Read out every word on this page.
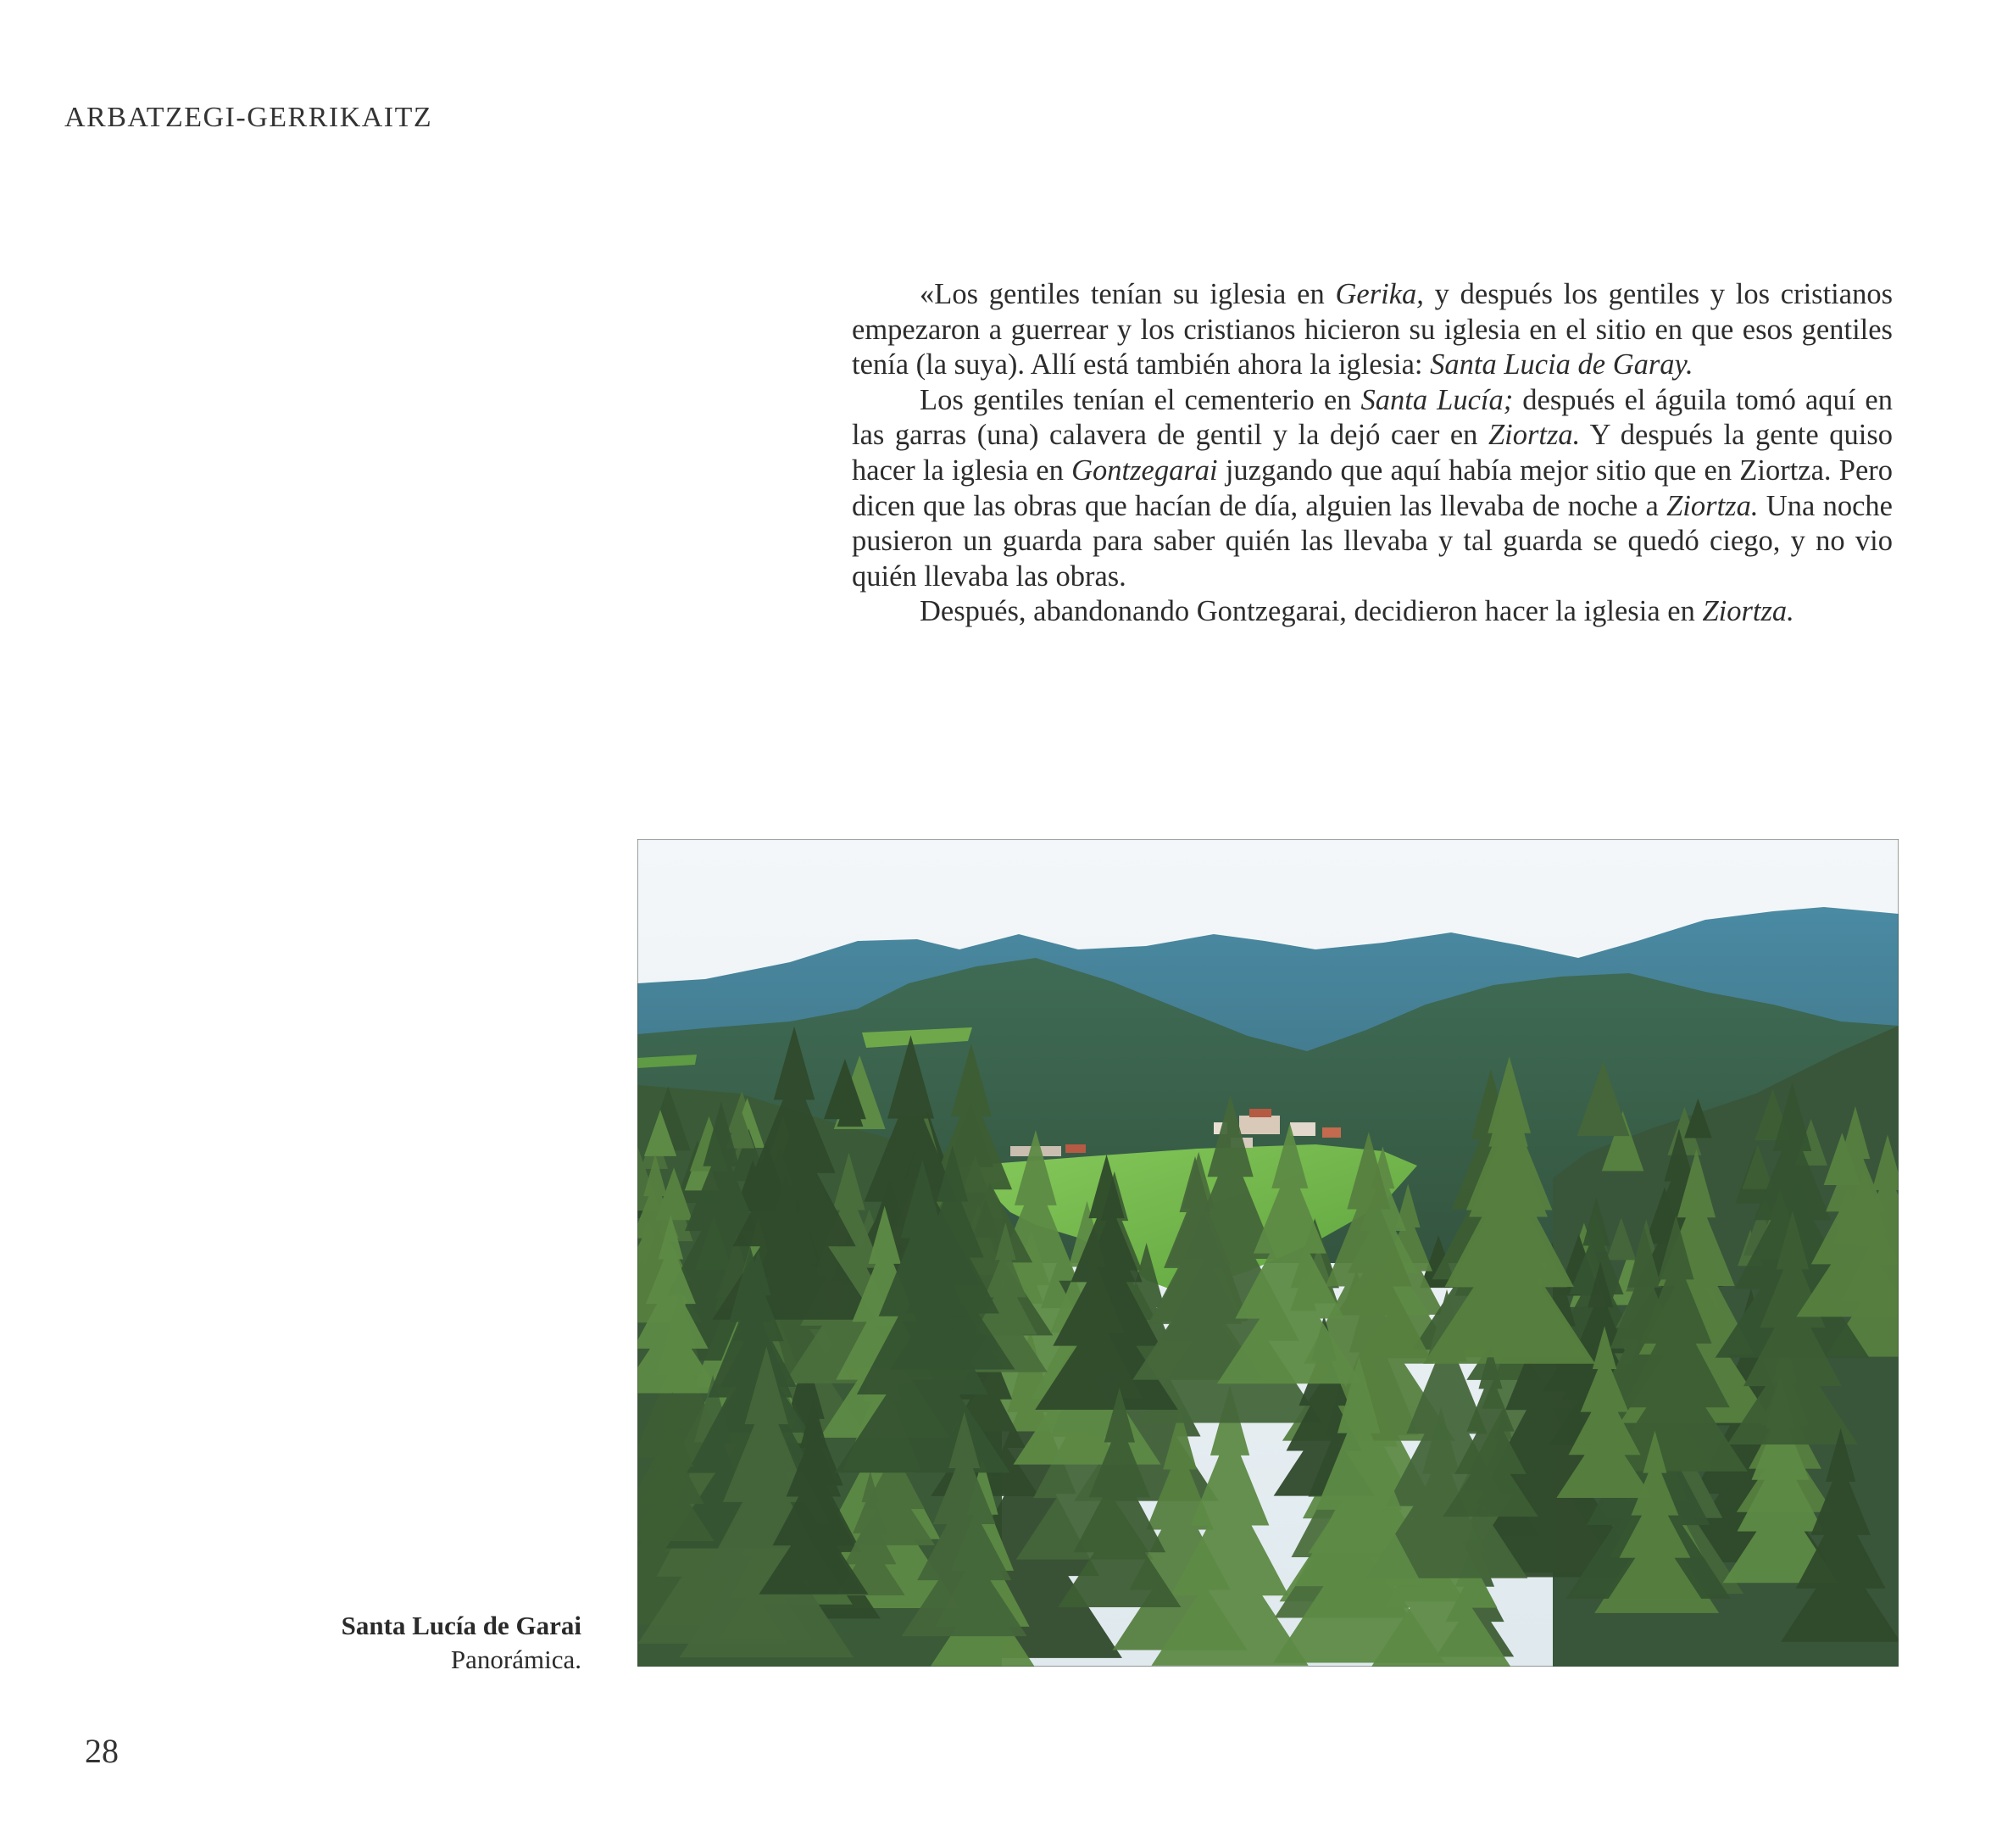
ARBATZEGI-GERRIKAITZ

«Los gentiles tenían su iglesia en Gerika, y después los gentiles y los cristianos empezaron a guerrear y los cristianos hicieron su iglesia en el sitio en que esos gentiles tenía (la suya). Allí está también ahora la iglesia: Santa Lucia de Garay.

Los gentiles tenían el cementerio en Santa Lucía; después el águila tomó aquí en las garras (una) calavera de gentil y la dejó caer en Ziortza. Y después la gente quiso hacer la iglesia en Gontzegarai juzgando que aquí había mejor sitio que en Ziortza. Pero dicen que las obras que hacían de día, alguien las llevaba de noche a Ziortza. Una noche pusieron un guarda para saber quién las llevaba y tal guarda se quedó ciego, y no vio quién llevaba las obras.

Después, abandonando Gontzegarai, decidieron hacer la iglesia en Ziortza.

Santa Lucía de Garai
Panorámica.
28
